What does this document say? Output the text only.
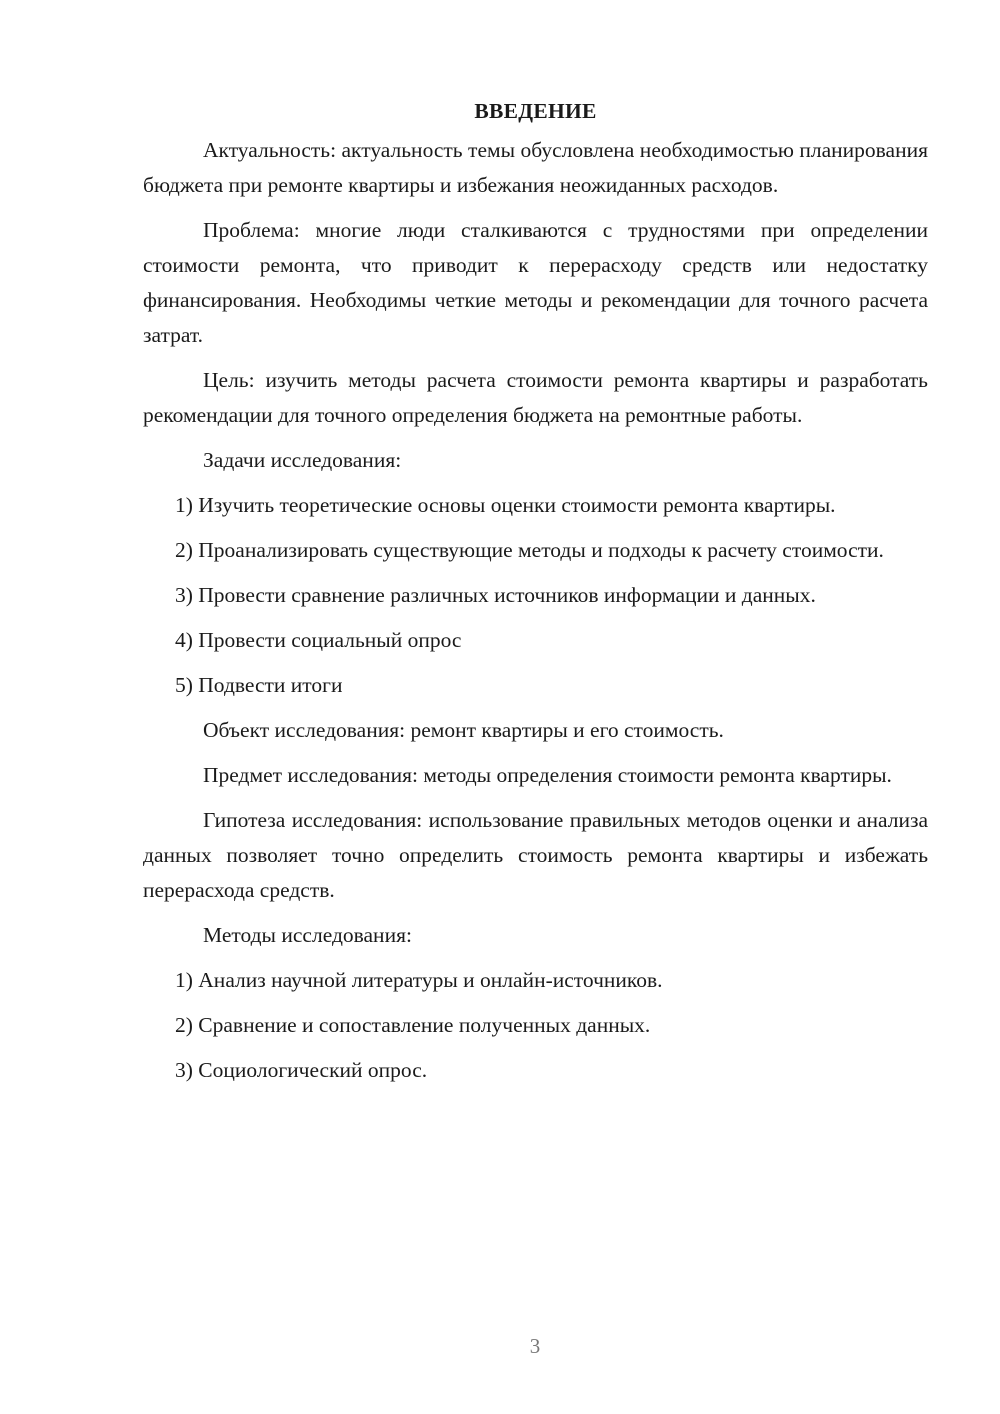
ВВЕДЕНИЕ

Актуальность: актуальность темы обусловлена необходимостью планирования бюджета при ремонте квартиры и избежания неожиданных расходов.

Проблема: многие люди сталкиваются с трудностями при определении стоимости ремонта, что приводит к перерасходу средств или недостатку финансирования. Необходимы четкие методы и рекомендации для точного расчета затрат.

Цель: изучить методы расчета стоимости ремонта квартиры и разработать рекомендации для точного определения бюджета на ремонтные работы.

Задачи исследования:

1) Изучить теоретические основы оценки стоимости ремонта квартиры.

2) Проанализировать существующие методы и подходы к расчету стоимости.

3) Провести сравнение различных источников информации и данных.

4) Провести социальный опрос

5) Подвести итоги

Объект исследования: ремонт квартиры и его стоимость.

Предмет исследования: методы определения стоимости ремонта квартиры.

Гипотеза исследования: использование правильных методов оценки и анализа данных позволяет точно определить стоимость ремонта квартиры и избежать перерасхода средств.

Методы исследования:

1) Анализ научной литературы и онлайн-источников.

2) Сравнение и сопоставление полученных данных.

3) Социологический опрос.

3
